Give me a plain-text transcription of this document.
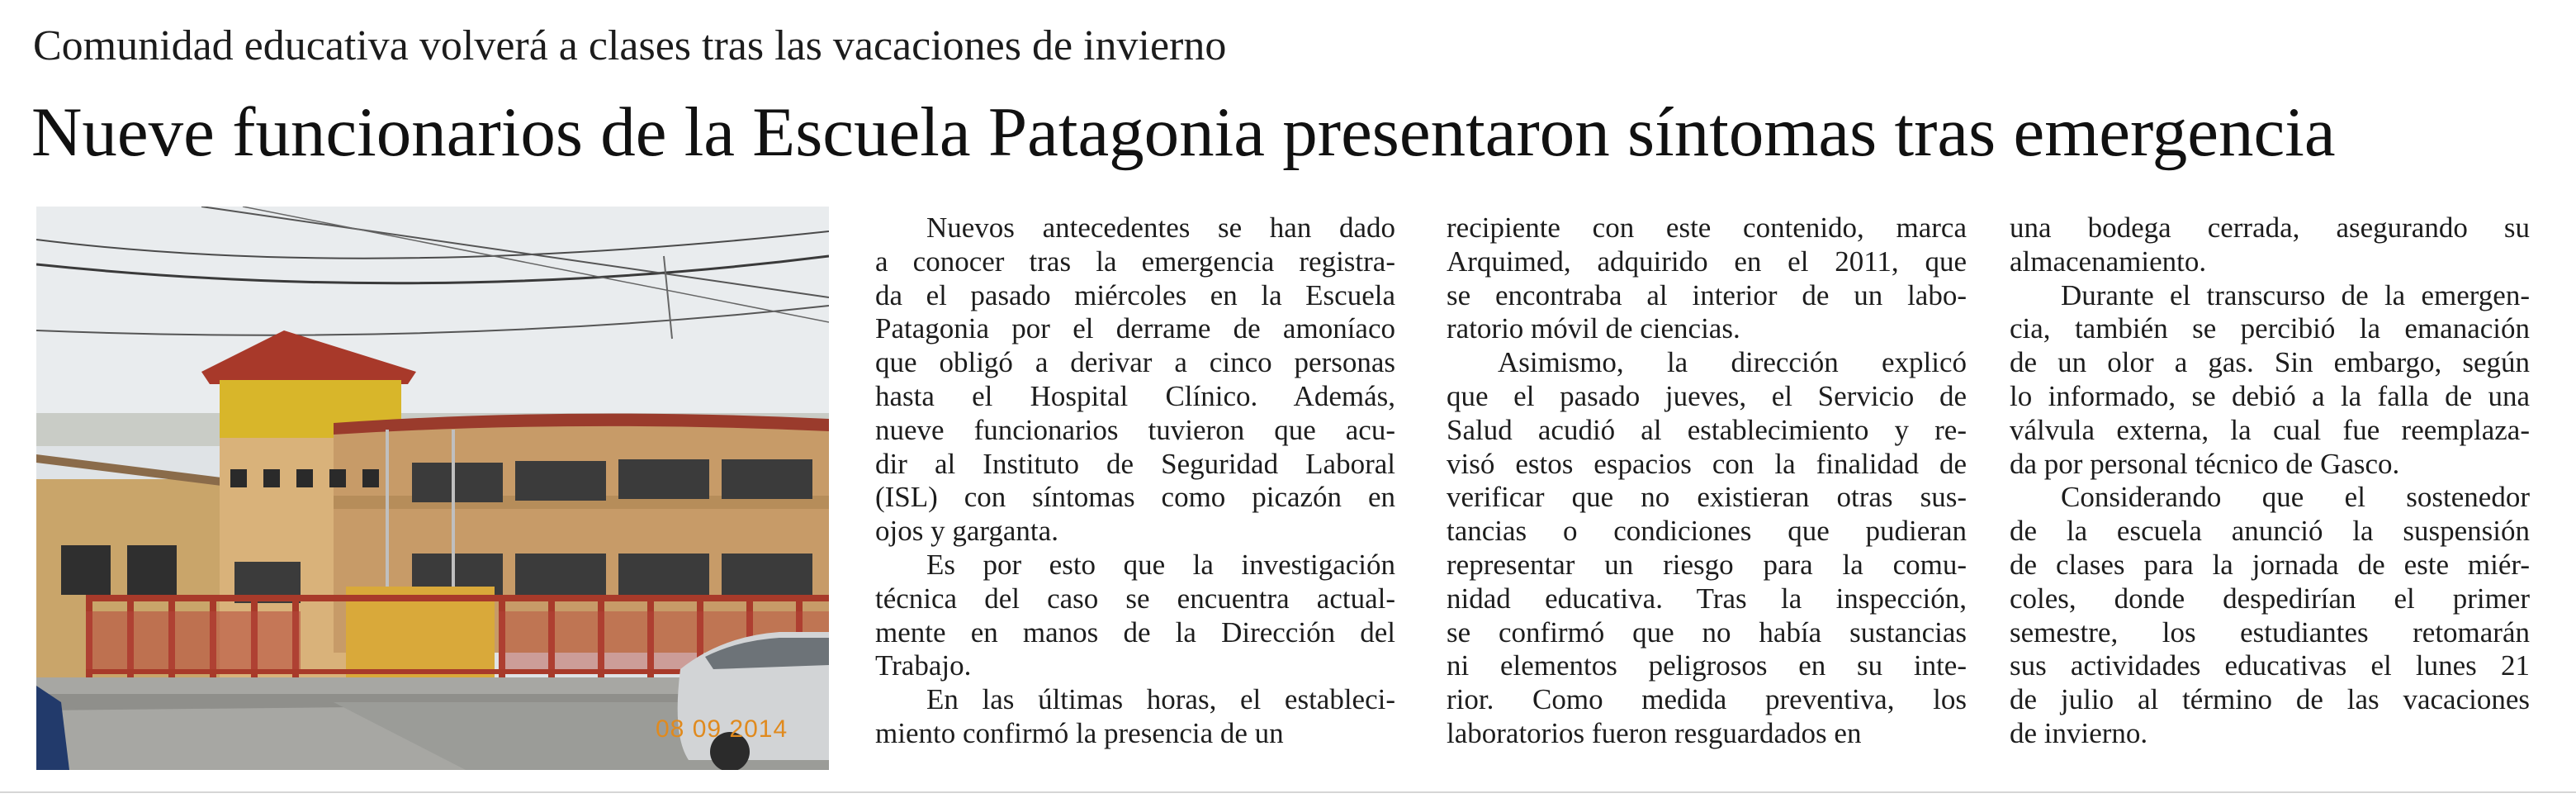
Comunidad educativa volverá a clases tras las vacaciones de invierno
Nueve funcionarios de la Escuela Patagonia presentaron síntomas tras emergencia
08 09 2014

Nuevos antecedentes se han dado
a conocer tras la emergencia registra-
da el pasado miércoles en la Escuela
Patagonia por el derrame de amoníaco
que obligó a derivar a cinco personas
hasta el Hospital Clínico. Además,
nueve funcionarios tuvieron que acu-
dir al Instituto de Seguridad Laboral
(ISL) con síntomas como picazón en
ojos y garganta.

Es por esto que la investigación
técnica del caso se encuentra actual-
mente en manos de la Dirección del
Trabajo.

En las últimas horas, el estableci-
miento confirmó la presencia de un

recipiente con este contenido, marca
Arquimed, adquirido en el 2011, que
se encontraba al interior de un labo-
ratorio móvil de ciencias.

Asimismo, la dirección explicó
que el pasado jueves, el Servicio de
Salud acudió al establecimiento y re-
visó estos espacios con la finalidad de
verificar que no existieran otras sus-
tancias o condiciones que pudieran
representar un riesgo para la comu-
nidad educativa. Tras la inspección,
se confirmó que no había sustancias
ni elementos peligrosos en su inte-
rior. Como medida preventiva, los
laboratorios fueron resguardados en

una bodega cerrada, asegurando su
almacenamiento.

Durante el transcurso de la emergen-
cia, también se percibió la emanación
de un olor a gas. Sin embargo, según
lo informado, se debió a la falla de una
válvula externa, la cual fue reemplaza-
da por personal técnico de Gasco.

Considerando que el sostenedor
de la escuela anunció la suspensión
de clases para la jornada de este miér-
coles, donde despedirían el primer
semestre, los estudiantes retomarán
sus actividades educativas el lunes 21
de julio al término de las vacaciones
de invierno.
